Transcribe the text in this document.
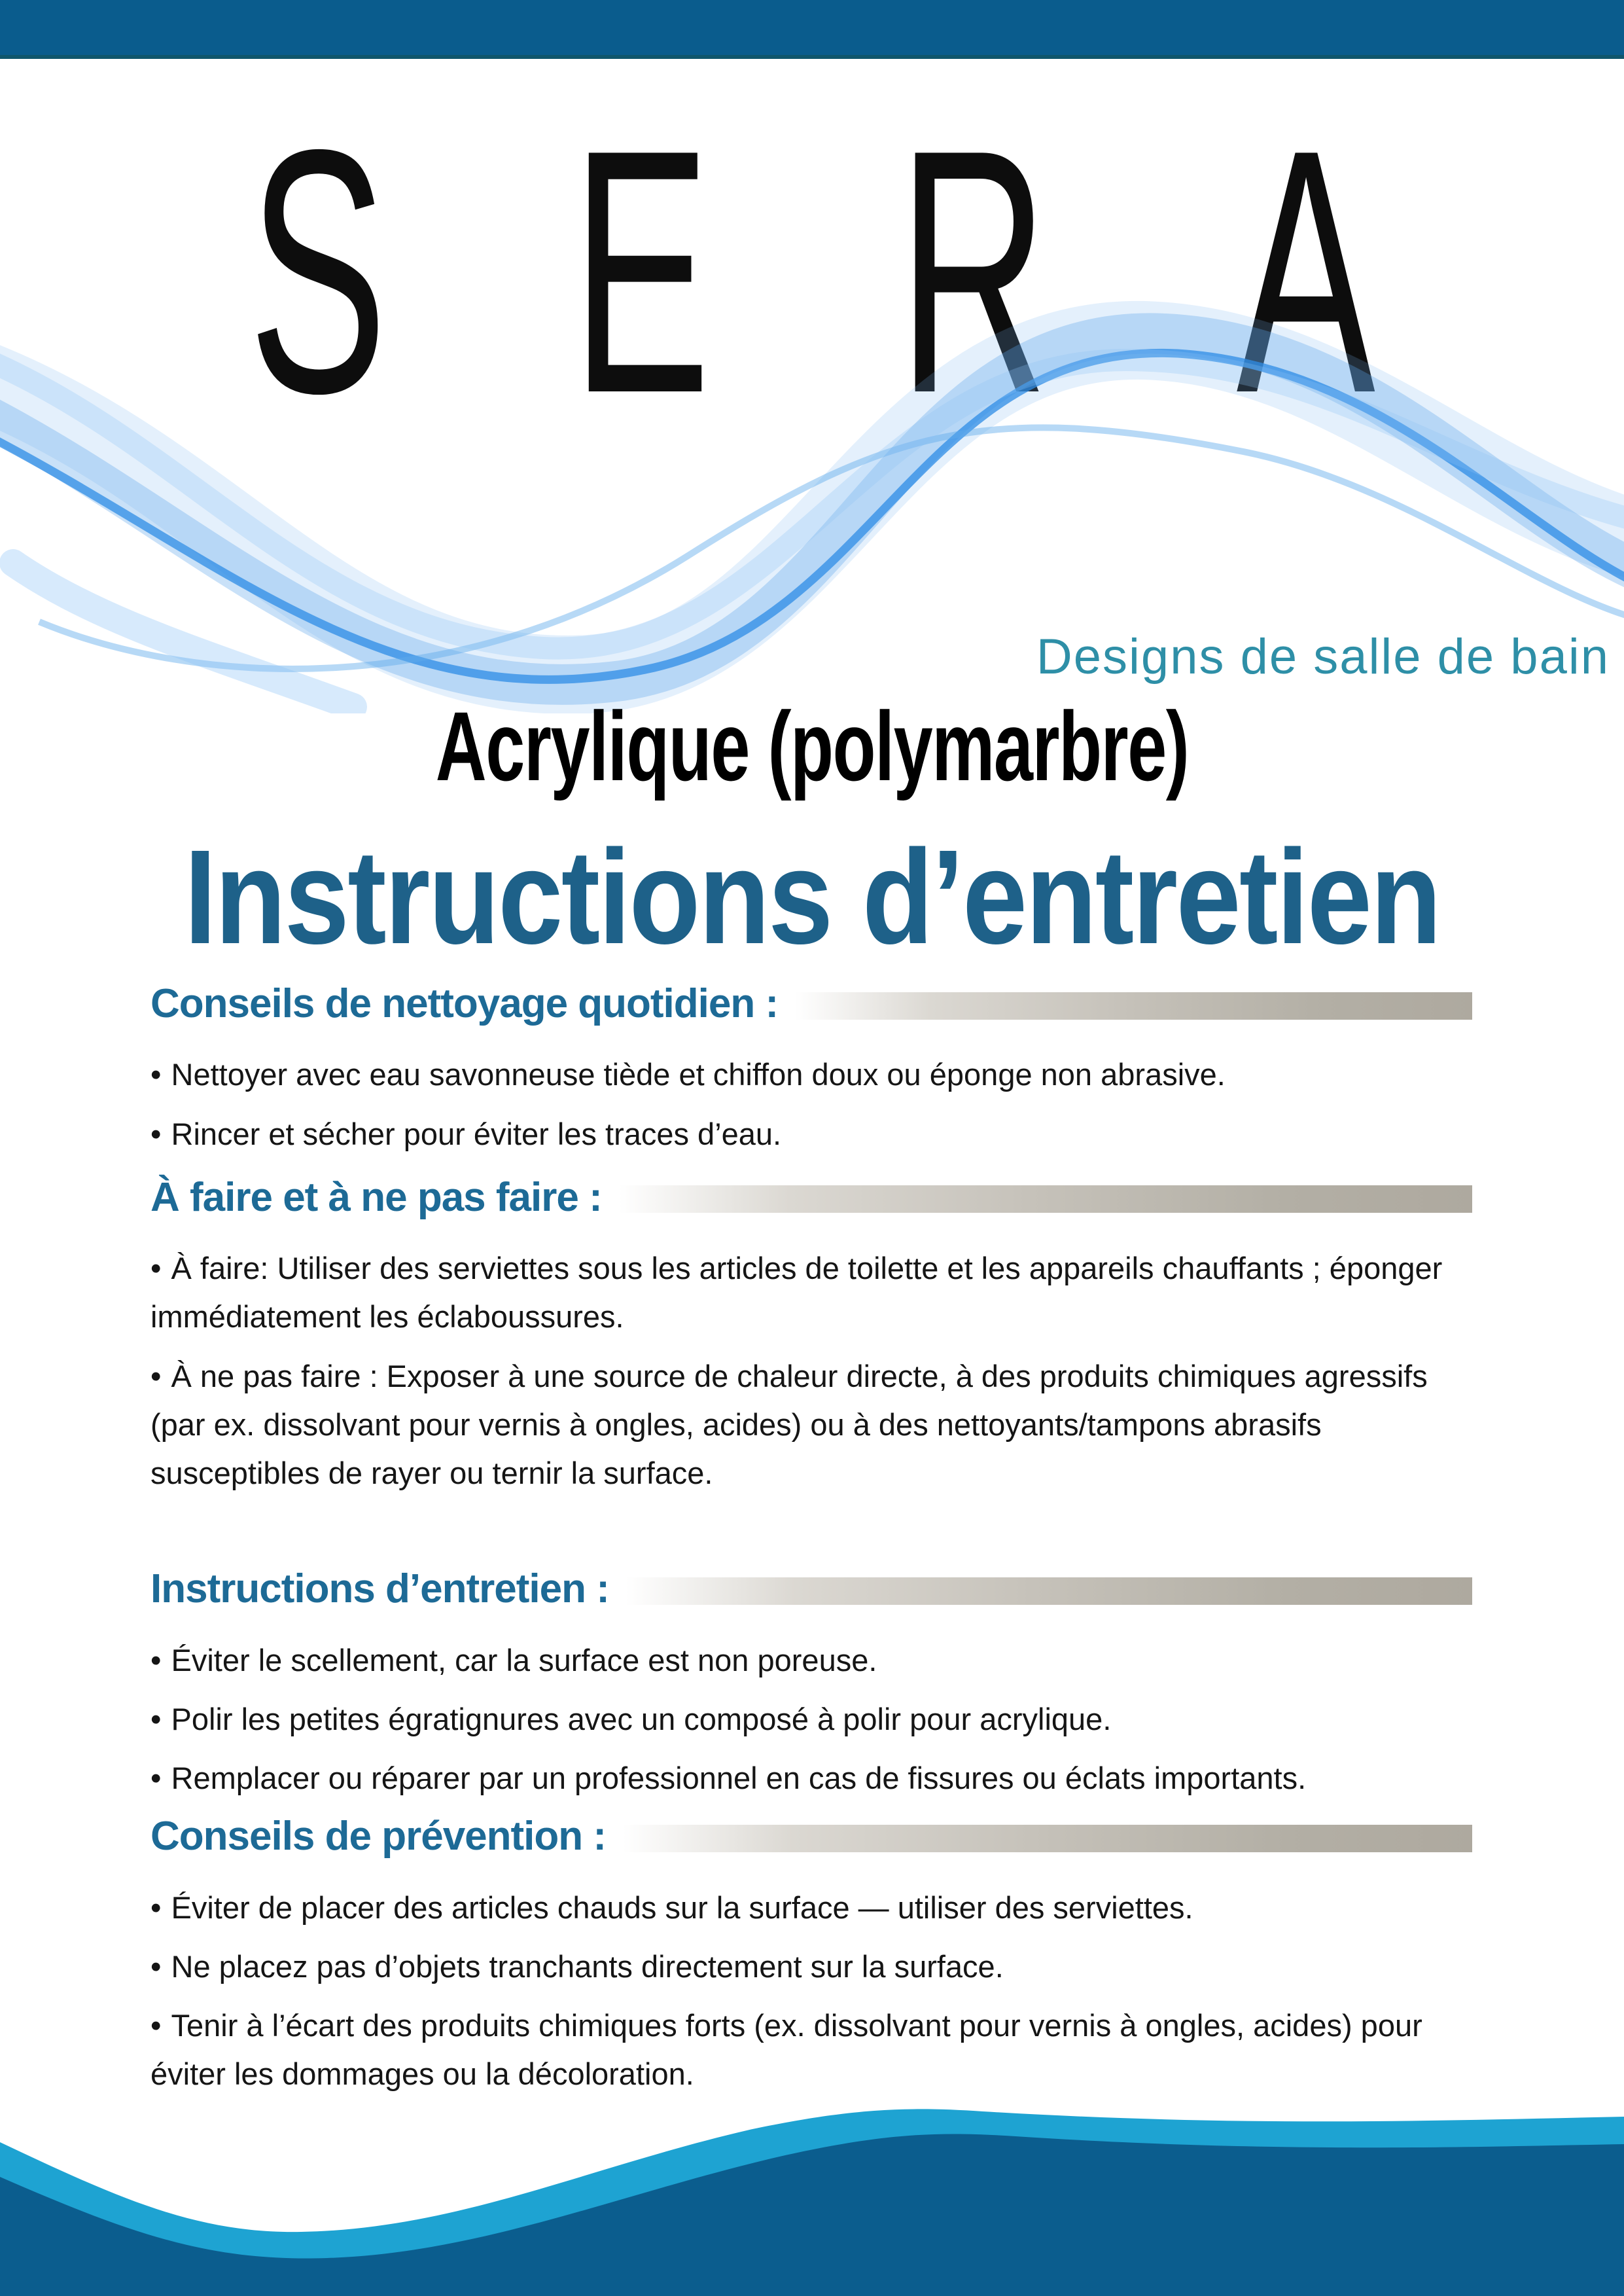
S E R A
Designs de salle de bain
Acrylique (polymarbre)
Instructions d’entretien
Conseils de nettoyage quotidien :

• Nettoyer avec eau savonneuse tiède et chiffon doux ou éponge non abrasive.

• Rincer et sécher pour éviter les traces d’eau.

À faire et à ne pas faire :

• À faire: Utiliser des serviettes sous les articles de toilette et les appareils chauffants ; éponger immédiatement les éclaboussures.

• À ne pas faire : Exposer à une source de chaleur directe, à des produits chimiques agressifs (par ex. dissolvant pour vernis à ongles, acides) ou à des nettoyants/tampons abrasifs susceptibles de rayer ou ternir la surface.

Instructions d’entretien :

• Éviter le scellement, car la surface est non poreuse.

• Polir les petites égratignures avec un composé à polir pour acrylique.

• Remplacer ou réparer par un professionnel en cas de fissures ou éclats importants.

Conseils de prévention :

• Éviter de placer des articles chauds sur la surface — utiliser des serviettes.

• Ne placez pas d’objets tranchants directement sur la surface.

• Tenir à l’écart des produits chimiques forts (ex. dissolvant pour vernis à ongles, acides) pour éviter les dommages ou la décoloration.
